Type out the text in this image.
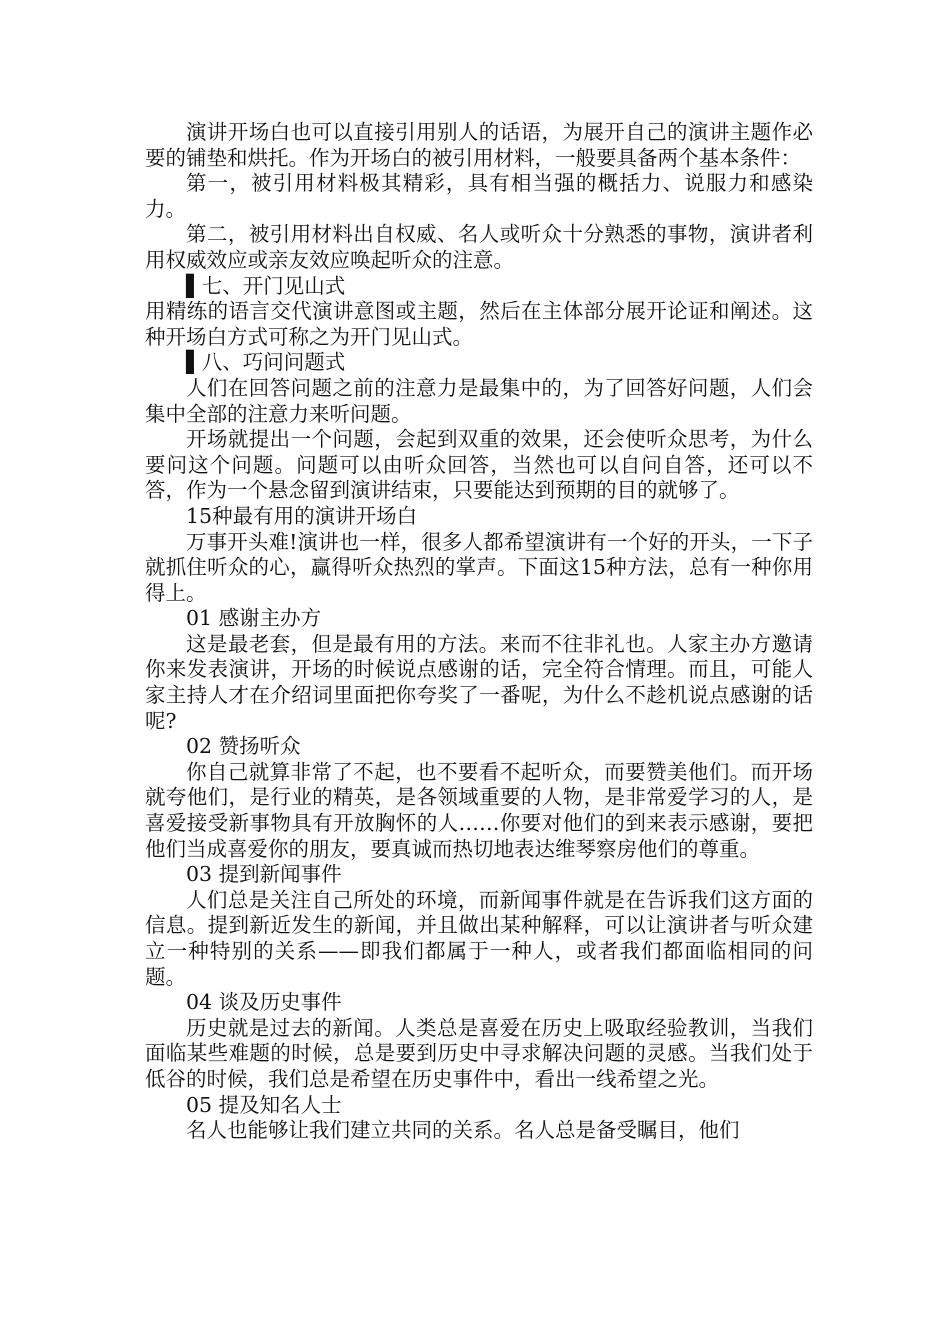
演讲开场白也可以直接引用别人的话语，为展开自己的演讲主题作必要的铺垫和烘托。作为开场白的被引用材料，一般要具备两个基本条件：

第一，被引用材料极其精彩，具有相当强的概括力、说服力和感染力。

第二，被引用材料出自权威、名人或听众十分熟悉的事物，演讲者利用权威效应或亲友效应唤起听众的注意。

▌七、开门见山式

用精练的语言交代演讲意图或主题，然后在主体部分展开论证和阐述。这种开场白方式可称之为开门见山式。

▌八、巧问问题式

人们在回答问题之前的注意力是最集中的，为了回答好问题，人们会集中全部的注意力来听问题。

开场就提出一个问题，会起到双重的效果，还会使听众思考，为什么要问这个问题。问题可以由听众回答，当然也可以自问自答，还可以不答，作为一个悬念留到演讲结束，只要能达到预期的目的就够了。

15种最有用的演讲开场白

万事开头难!演讲也一样，很多人都希望演讲有一个好的开头，一下子就抓住听众的心，赢得听众热烈的掌声。下面这15种方法，总有一种你用得上。

01 感谢主办方

这是最老套，但是最有用的方法。来而不往非礼也。人家主办方邀请你来发表演讲，开场的时候说点感谢的话，完全符合情理。而且，可能人家主持人才在介绍词里面把你夸奖了一番呢，为什么不趁机说点感谢的话呢?

02 赞扬听众

你自己就算非常了不起，也不要看不起听众，而要赞美他们。而开场就夸他们，是行业的精英，是各领域重要的人物，是非常爱学习的人，是喜爱接受新事物具有开放胸怀的人……你要对他们的到来表示感谢，要把他们当成喜爱你的朋友，要真诚而热切地表达维琴察房他们的尊重。

03 提到新闻事件

人们总是关注自己所处的环境，而新闻事件就是在告诉我们这方面的信息。提到新近发生的新闻，并且做出某种解释，可以让演讲者与听众建立一种特别的关系——即我们都属于一种人，或者我们都面临相同的问题。

04 谈及历史事件

历史就是过去的新闻。人类总是喜爱在历史上吸取经验教训，当我们面临某些难题的时候，总是要到历史中寻求解决问题的灵感。当我们处于低谷的时候，我们总是希望在历史事件中，看出一线希望之光。

05 提及知名人士

名人也能够让我们建立共同的关系。名人总是备受瞩目，他们
